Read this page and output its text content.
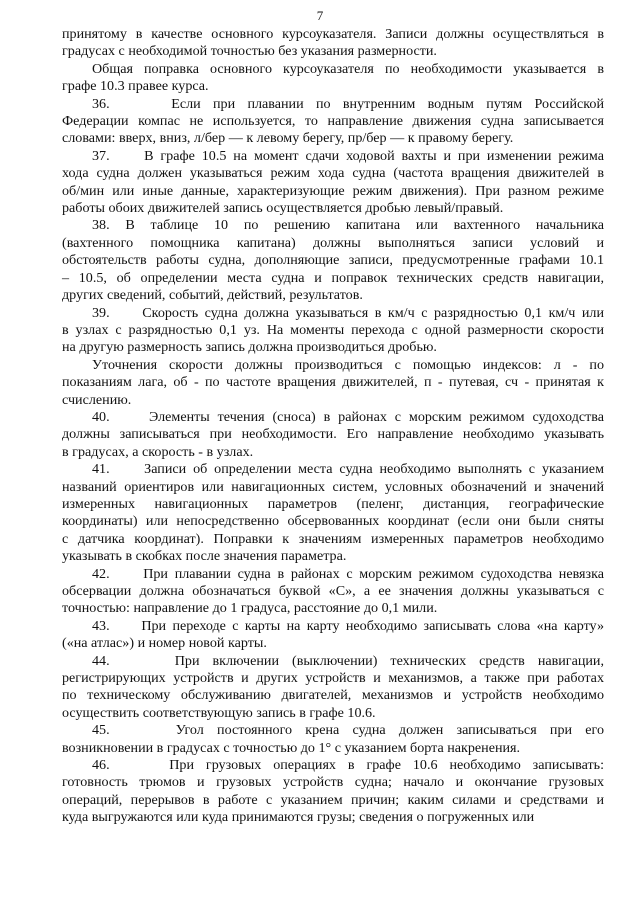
7

принятому в качестве основного курсоуказателя. Записи должны осуществляться в

градусах с необходимой точностью без указания размерности.

Общая поправка основного курсоуказателя по необходимости указывается в

графе 10.3 правее курса.

36.     Если при плавании по внутренним водным путям Российской

Федерации компас не используется, то направление движения судна записывается

словами: вверх, вниз, л/бер — к левому берегу, пр/бер — к правому берегу.

37.     В графе 10.5 на момент сдачи ходовой вахты и при изменении режима

хода судна должен указываться режим хода судна (частота вращения движителей в

об/мин или иные данные, характеризующие режим движения). При разном режиме

работы обоих движителей запись осуществляется дробью левый/правый.

38. В таблице 10 по решению капитана или вахтенного начальника

(вахтенного помощника капитана) должны выполняться записи условий и

обстоятельств работы судна, дополняющие записи, предусмотренные графами 10.1

– 10.5, об определении места судна и поправок технических средств навигации,

других сведений, событий, действий, результатов.

39.     Скорость судна должна указываться в км/ч с разрядностью 0,1 км/ч или

в узлах с разрядностью 0,1 уз. На моменты перехода с одной размерности скорости

на другую размерность запись должна производиться дробью.

Уточнения скорости должны производиться с помощью индексов: л - по

показаниям лага, об - по частоте вращения движителей, п - путевая, сч - принятая к

счислению.

40.     Элементы течения (сноса) в районах с морским режимом судоходства

должны записываться при необходимости. Его направление необходимо указывать

в градусах, а скорость - в узлах.

41.     Записи об определении места судна необходимо выполнять с указанием

названий ориентиров или навигационных систем, условных обозначений и значений

измеренных навигационных параметров (пеленг, дистанция, географические

координаты) или непосредственно обсервованных координат (если они были сняты

с датчика координат). Поправки к значениям измеренных параметров необходимо

указывать в скобках после значения параметра.

42.     При плавании судна в районах с морским режимом судоходства невязка

обсервации должна обозначаться буквой «С», а ее значения должны указываться с

точностью: направление до 1 градуса, расстояние до 0,1 мили.

43.     При переходе с карты на карту необходимо записывать слова «на карту»

(«на атлас») и номер новой карты.

44.     При включении (выключении) технических средств навигации,

регистрирующих устройств и других устройств и механизмов, а также при работах

по техническому обслуживанию двигателей, механизмов и устройств необходимо

осуществить соответствующую запись в графе 10.6.

45.     Угол постоянного крена судна должен записываться при его

возникновении в градусах с точностью до 1° с указанием борта накренения.

46.     При грузовых операциях в графе 10.6 необходимо записывать:

готовность трюмов и грузовых устройств судна; начало и окончание грузовых

операций, перерывов в работе с указанием причин; каким силами и средствами и

куда выгружаются или куда принимаются грузы; сведения о погруженных или
